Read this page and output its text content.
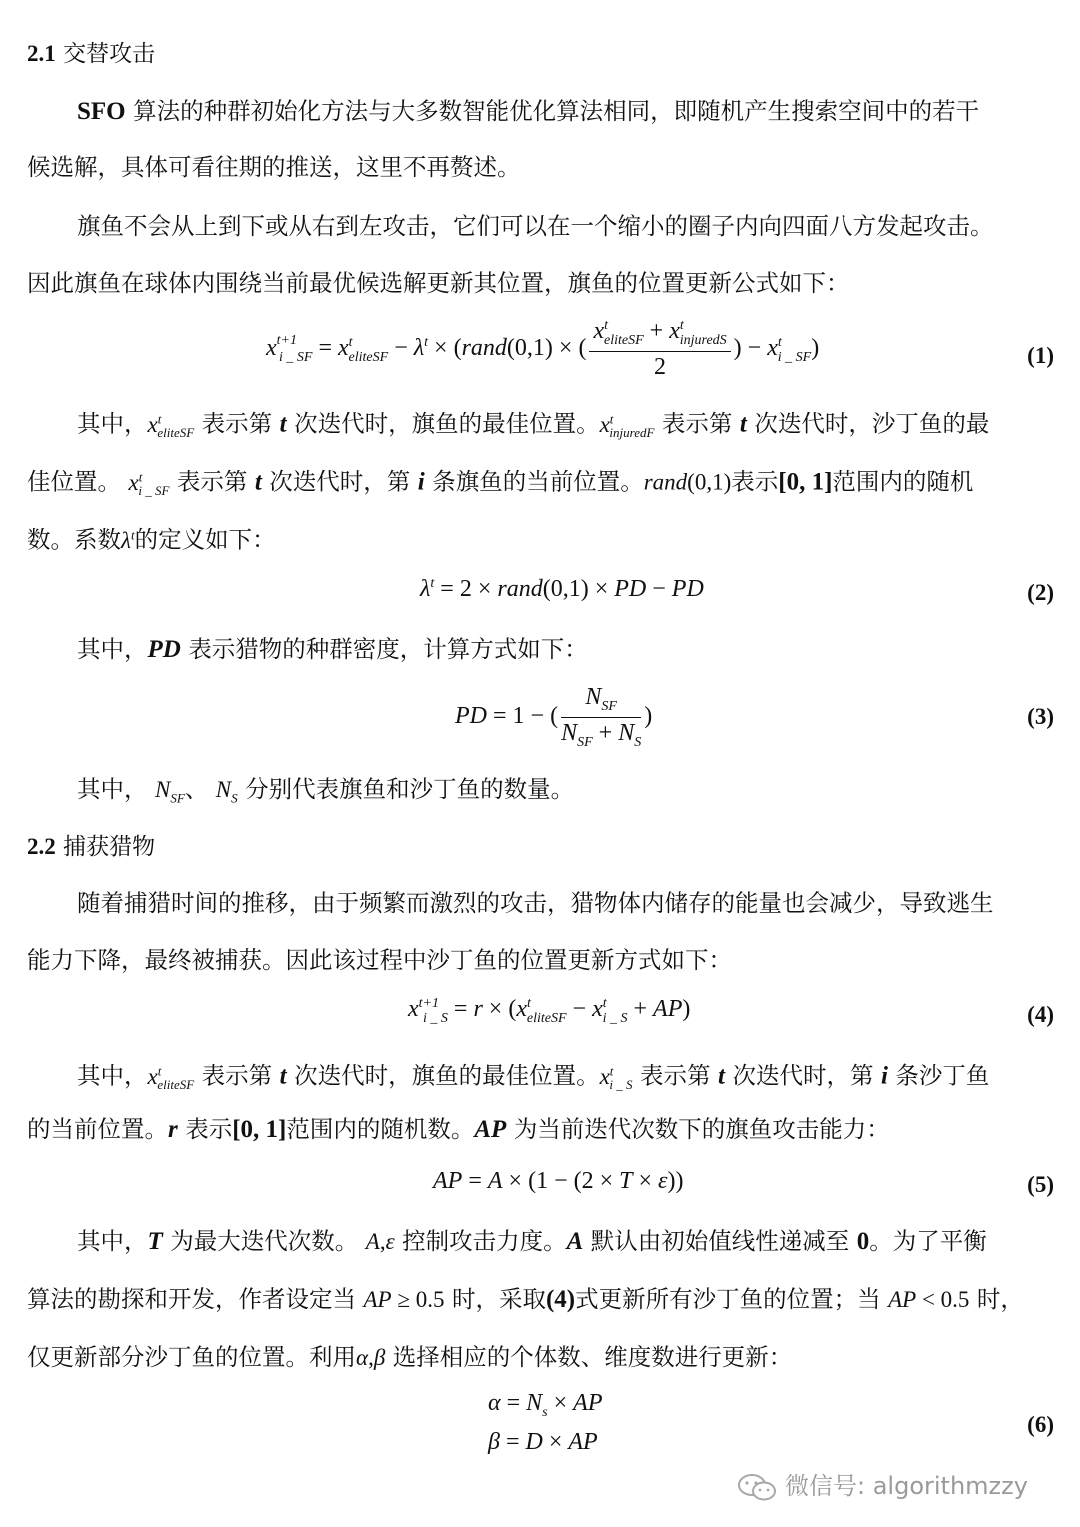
2.1 交替攻击
SFO 算法的种群初始化方法与大多数智能优化算法相同，即随机产生搜索空间中的若干
候选解，具体可看往期的推送，这里不再赘述。
旗鱼不会从上到下或从右到左攻击，它们可以在一个缩小的圈子内向四面八方发起攻击。
因此旗鱼在球体内围绕当前最优候选解更新其位置，旗鱼的位置更新公式如下：
$x^{t+1}_{i \_ SF} = x^t_{eliteSF} - \lambda^t$ × (rand(0,1) × ( $\frac{x^t_{eliteSF} + x^t_{injuredS}}{2}$ ) − $x^t_{i \_ SF}$)	(1)
其中，$x^t_{eliteSF}$ 表示第 t 次迭代时，旗鱼的最佳位置。$x^t_{injuredF}$ 表示第 t 次迭代时，沙丁鱼的最
佳位置。 $x^t_{i \_ SF}$ 表示第 t 次迭代时，第 i 条旗鱼的当前位置。rand(0,1)表示[0, 1]范围内的随机
数。系数$\lambda^t$的定义如下：
$\lambda^t = 2$ × rand(0,1) × PD − PD	(2)
其中，PD 表示猎物的种群密度，计算方式如下：
PD = 1 − ( $\frac{N_{SF}}{N_{SF} + N_S}$ )	(3)
其中， $N_{SF}$、 $N_S$ 分别代表旗鱼和沙丁鱼的数量。
2.2 捕获猎物
随着捕猎时间的推移，由于频繁而激烈的攻击，猎物体内储存的能量也会减少，导致逃生
能力下降，最终被捕获。因此该过程中沙丁鱼的位置更新方式如下：
$x^{t+1}_{i \_ S} = r \times (x^t_{eliteSF} - x^t_{i \_ S} + AP)$	(4)
其中，$x^t_{eliteSF}$ 表示第 t 次迭代时，旗鱼的最佳位置。$x^t_{i \_ S}$ 表示第 t 次迭代时，第 i 条沙丁鱼
的当前位置。r 表示[0, 1]范围内的随机数。AP 为当前迭代次数下的旗鱼攻击能力：
AP = A × (1 − (2 × T × ε))	(5)
其中，T 为最大迭代次数。 A,ε 控制攻击力度。A 默认由初始值线性递减至 0。为了平衡
算法的勘探和开发，作者设定当 AP ≥ 0.5 时，采取(4)式更新所有沙丁鱼的位置；当 AP < 0.5 时，
仅更新部分沙丁鱼的位置。利用α,β 选择相应的个体数、维度数进行更新：
$\alpha = N_s$ × AP
β = D × AP
(6)
微信号: algorithmzzy
